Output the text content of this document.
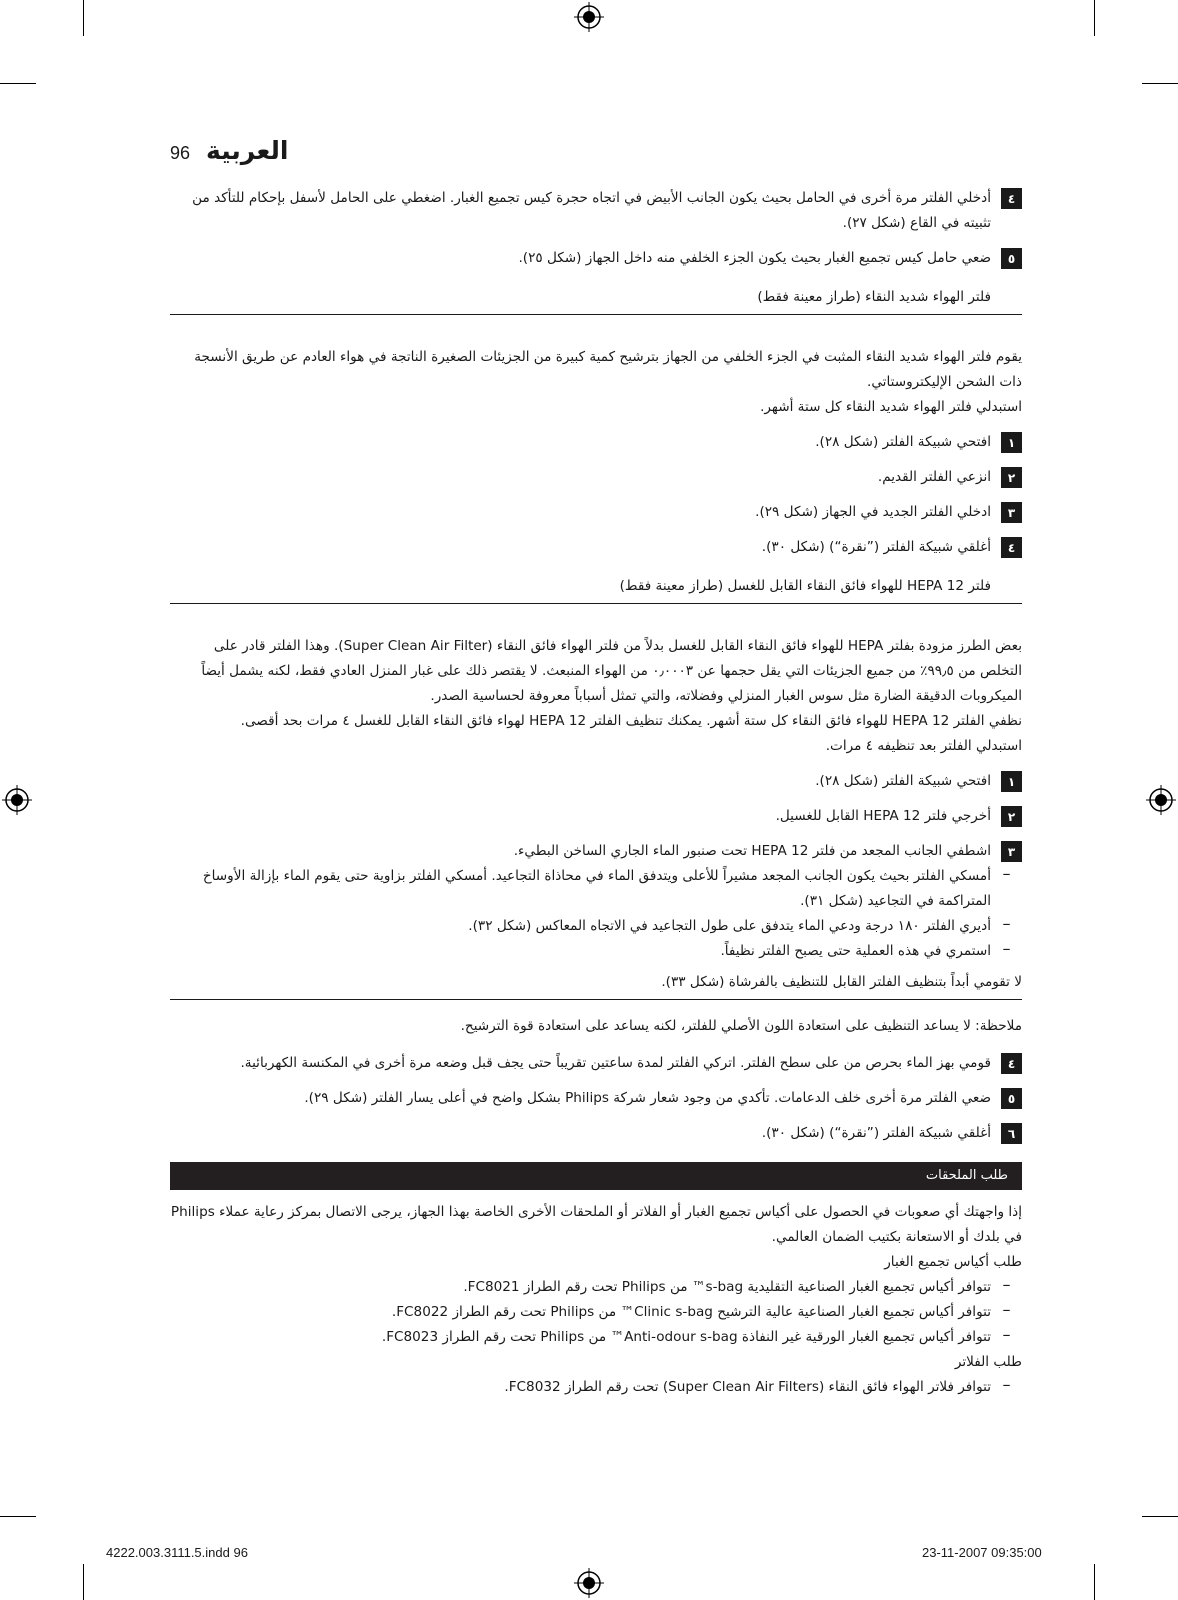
العربية
96
٤

أدخلي الفلتر مرة أخرى في الحامل بحيث يكون الجانب الأبيض في اتجاه حجرة كيس تجميع الغبار. اضغطي على الحامل لأسفل بإحكام للتأكد من تثبيته في القاع (شكل ٢٧).

٥

ضعي حامل كيس تجميع الغبار بحيث يكون الجزء الخلفي منه داخل الجهاز (شكل ٢٥).

فلتر الهواء شديد النقاء (طراز معينة فقط)

يقوم فلتر الهواء شديد النقاء المثبت في الجزء الخلفي من الجهاز بترشيح كمية كبيرة من الجزيئات الصغيرة الناتجة في هواء العادم عن طريق الأنسجة ذات الشحن الإليكتروستاتي.

استبدلي فلتر الهواء شديد النقاء كل ستة أشهر.

١

افتحي شبيكة الفلتر (شكل ٢٨).

٢

انزعي الفلتر القديم.

٣

ادخلي الفلتر الجديد في الجهاز (شكل ٢٩).

٤

أغلقي شبيكة الفلتر (”نقرة“) (شكل ٣٠).

فلتر HEPA 12 للهواء فائق النقاء القابل للغسل (طراز معينة فقط)

بعض الطرز مزودة بفلتر HEPA للهواء فائق النقاء القابل للغسل بدلاً من فلتر الهواء فائق النقاء (Super Clean Air Filter). وهذا الفلتر قادر على التخلص من ٩٩٫٥٪ من جميع الجزيئات التي يقل حجمها عن ٠٫٠٠٠٣ من الهواء المنبعث. لا يقتصر ذلك على غبار المنزل العادي فقط، لكنه يشمل أيضاً الميكروبات الدقيقة الضارة مثل سوس الغبار المنزلي وفضلاته، والتي تمثل أسباباً معروفة لحساسية الصدر.

نظفي الفلتر HEPA 12 للهواء فائق النقاء كل ستة أشهر. يمكنك تنظيف الفلتر HEPA 12 لهواء فائق النقاء القابل للغسل ٤ مرات بحد أقصى.

استبدلي الفلتر بعد تنظيفه ٤ مرات.

١

افتحي شبيكة الفلتر (شكل ٢٨).

٢

أخرجي فلتر HEPA 12 القابل للغسيل.

٣

اشطفي الجانب المجعد من فلتر HEPA 12 تحت صنبور الماء الجاري الساخن البطيء.

–

أمسكي الفلتر بحيث يكون الجانب المجعد مشيراً للأعلى ويتدفق الماء في محاذاة التجاعيد. أمسكي الفلتر بزاوية حتى يقوم الماء بإزالة الأوساخ المتراكمة في التجاعيد (شكل ٣١).

–

أديري الفلتر ١٨٠ درجة ودعي الماء يتدفق على طول التجاعيد في الاتجاه المعاكس (شكل ٣٢).

–

استمري في هذه العملية حتى يصبح الفلتر نظيفاً.

لا تقومي أبداً بتنظيف الفلتر القابل للتنظيف بالفرشاة (شكل ٣٣).

ملاحظة: لا يساعد التنظيف على استعادة اللون الأصلي للفلتر، لكنه يساعد على استعادة قوة الترشيح.

٤

قومي بهز الماء بحرص من على سطح الفلتر. اتركي الفلتر لمدة ساعتين تقريباً حتى يجف قبل وضعه مرة أخرى في المكنسة الكهربائية.

٥

ضعي الفلتر مرة أخرى خلف الدعامات. تأكدي من وجود شعار شركة Philips بشكل واضح في أعلى يسار الفلتر (شكل ٢٩).

٦

أغلقي شبيكة الفلتر (”نقرة“) (شكل ٣٠).

طلب الملحقات

إذا واجهتك أي صعوبات في الحصول على أكياس تجميع الغبار أو الفلاتر أو الملحقات الأخرى الخاصة بهذا الجهاز، يرجى الاتصال بمركز رعاية عملاء Philips في بلدك أو الاستعانة بكتيب الضمان العالمي.

طلب أكياس تجميع الغبار

–

تتوافر أكياس تجميع الغبار الصناعية التقليدية s-bag™ من Philips تحت رقم الطراز FC8021.

–

تتوافر أكياس تجميع الغبار الصناعية عالية الترشيح Clinic s-bag™ من Philips تحت رقم الطراز FC8022.

–

تتوافر أكياس تجميع الغبار الورقية غير النفاذة Anti-odour s-bag™ من Philips تحت رقم الطراز FC8023.

طلب الفلاتر

–

تتوافر فلاتر الهواء فائق النقاء (Super Clean Air Filters) تحت رقم الطراز FC8032.

4222.003.3111.5.indd 96	23-11-2007 09:35:00
